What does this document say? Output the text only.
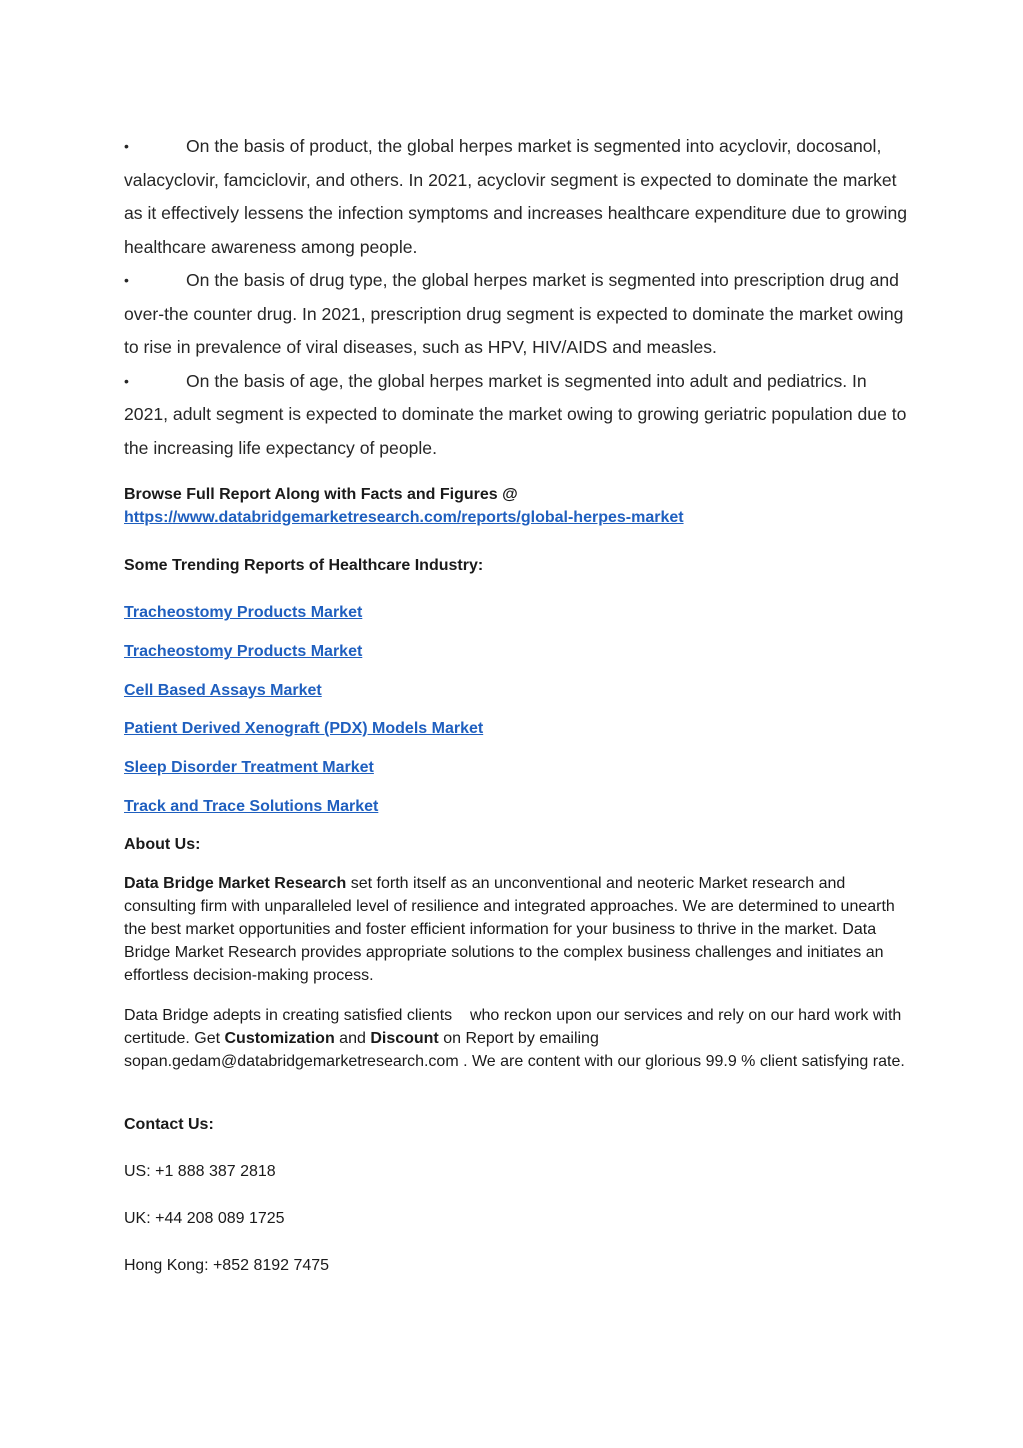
•	On the basis of product, the global herpes market is segmented into acyclovir, docosanol, valacyclovir, famciclovir, and others. In 2021, acyclovir segment is expected to dominate the market as it effectively lessens the infection symptoms and increases healthcare expenditure due to growing healthcare awareness among people.

•	On the basis of drug type, the global herpes market is segmented into prescription drug and over-the counter drug. In 2021, prescription drug segment is expected to dominate the market owing to rise in prevalence of viral diseases, such as HPV, HIV/AIDS and measles.

•	On the basis of age, the global herpes market is segmented into adult and pediatrics. In 2021, adult segment is expected to dominate the market owing to growing geriatric population due to the increasing life expectancy of people.

Browse Full Report Along with Facts and Figures @

https://www.databridgemarketresearch.com/reports/global-herpes-market

Some Trending Reports of Healthcare Industry:
Tracheostomy Products Market
Tracheostomy Products Market
Cell Based Assays Market
Patient Derived Xenograft (PDX) Models Market
Sleep Disorder Treatment Market
Track and Trace Solutions Market
About Us:

Data Bridge Market Research set forth itself as an unconventional and neoteric Market research and consulting firm with unparalleled level of resilience and integrated approaches. We are determined to unearth the best market opportunities and foster efficient information for your business to thrive in the market. Data Bridge Market Research provides appropriate solutions to the complex business challenges and initiates an effortless decision-making process.

Data Bridge adepts in creating satisfied clients    who reckon upon our services and rely on our hard work with certitude. Get Customization and Discount on Report by emailing sopan.gedam@databridgemarketresearch.com . We are content with our glorious 99.9 % client satisfying rate.

Contact Us:
US: +1 888 387 2818
UK: +44 208 089 1725
Hong Kong: +852 8192 7475
